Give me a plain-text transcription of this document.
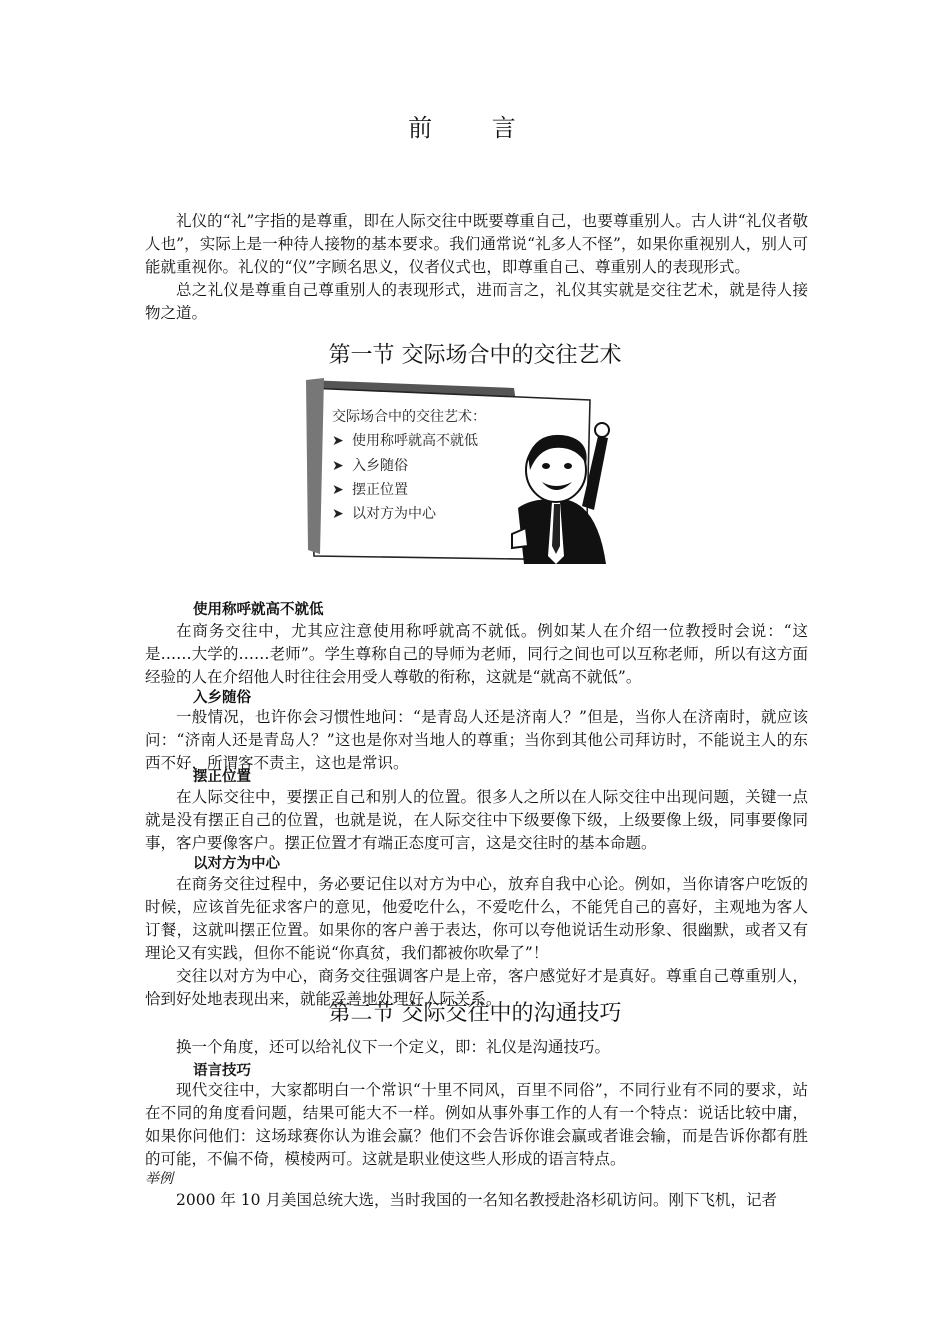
前 言

礼仪的“礼”字指的是尊重，即在人际交往中既要尊重自己，也要尊重别人。古人讲“礼仪者敬人也”，实际上是一种待人接物的基本要求。我们通常说“礼多人不怪”，如果你重视别人，别人可能就重视你。礼仪的“仪”字顾名思义，仪者仪式也，即尊重自己、尊重别人的表现形式。

总之礼仪是尊重自己尊重别人的表现形式，进而言之，礼仪其实就是交往艺术，就是待人接物之道。

第一节 交际场合中的交往艺术
交际场合中的交往艺术：
➤ 使用称呼就高不就低
➤ 入乡随俗
➤ 摆正位置
➤ 以对方为中心
使用称呼就高不就低

在商务交往中，尤其应注意使用称呼就高不就低。例如某人在介绍一位教授时会说：“这是……大学的……老师”。学生尊称自己的导师为老师，同行之间也可以互称老师，所以有这方面经验的人在介绍他人时往往会用受人尊敬的衔称，这就是“就高不就低”。

入乡随俗

一般情况，也许你会习惯性地问：“是青岛人还是济南人？”但是，当你人在济南时，就应该问：“济南人还是青岛人？”这也是你对当地人的尊重；当你到其他公司拜访时，不能说主人的东西不好，所谓客不责主，这也是常识。

摆正位置

在人际交往中，要摆正自己和别人的位置。很多人之所以在人际交往中出现问题，关键一点就是没有摆正自己的位置，也就是说，在人际交往中下级要像下级，上级要像上级，同事要像同事，客户要像客户。摆正位置才有端正态度可言，这是交往时的基本命题。

以对方为中心

在商务交往过程中，务必要记住以对方为中心，放弃自我中心论。例如，当你请客户吃饭的时候，应该首先征求客户的意见，他爱吃什么，不爱吃什么，不能凭自己的喜好，主观地为客人订餐，这就叫摆正位置。如果你的客户善于表达，你可以夸他说话生动形象、很幽默，或者又有理论又有实践，但你不能说“你真贫，我们都被你吹晕了”！

交往以对方为中心，商务交往强调客户是上帝，客户感觉好才是真好。尊重自己尊重别人，恰到好处地表现出来，就能妥善地处理好人际关系。

第二节 交际交往中的沟通技巧

换一个角度，还可以给礼仪下一个定义，即：礼仪是沟通技巧。

语言技巧

现代交往中，大家都明白一个常识“十里不同风，百里不同俗”，不同行业有不同的要求，站在不同的角度看问题，结果可能大不一样。例如从事外事工作的人有一个特点：说话比较中庸，如果你问他们：这场球赛你认为谁会赢？他们不会告诉你谁会赢或者谁会输，而是告诉你都有胜的可能，不偏不倚，模棱两可。这就是职业使这些人形成的语言特点。

举例

2000 年 10 月美国总统大选，当时我国的一名知名教授赴洛杉矶访问。刚下飞机，记者
